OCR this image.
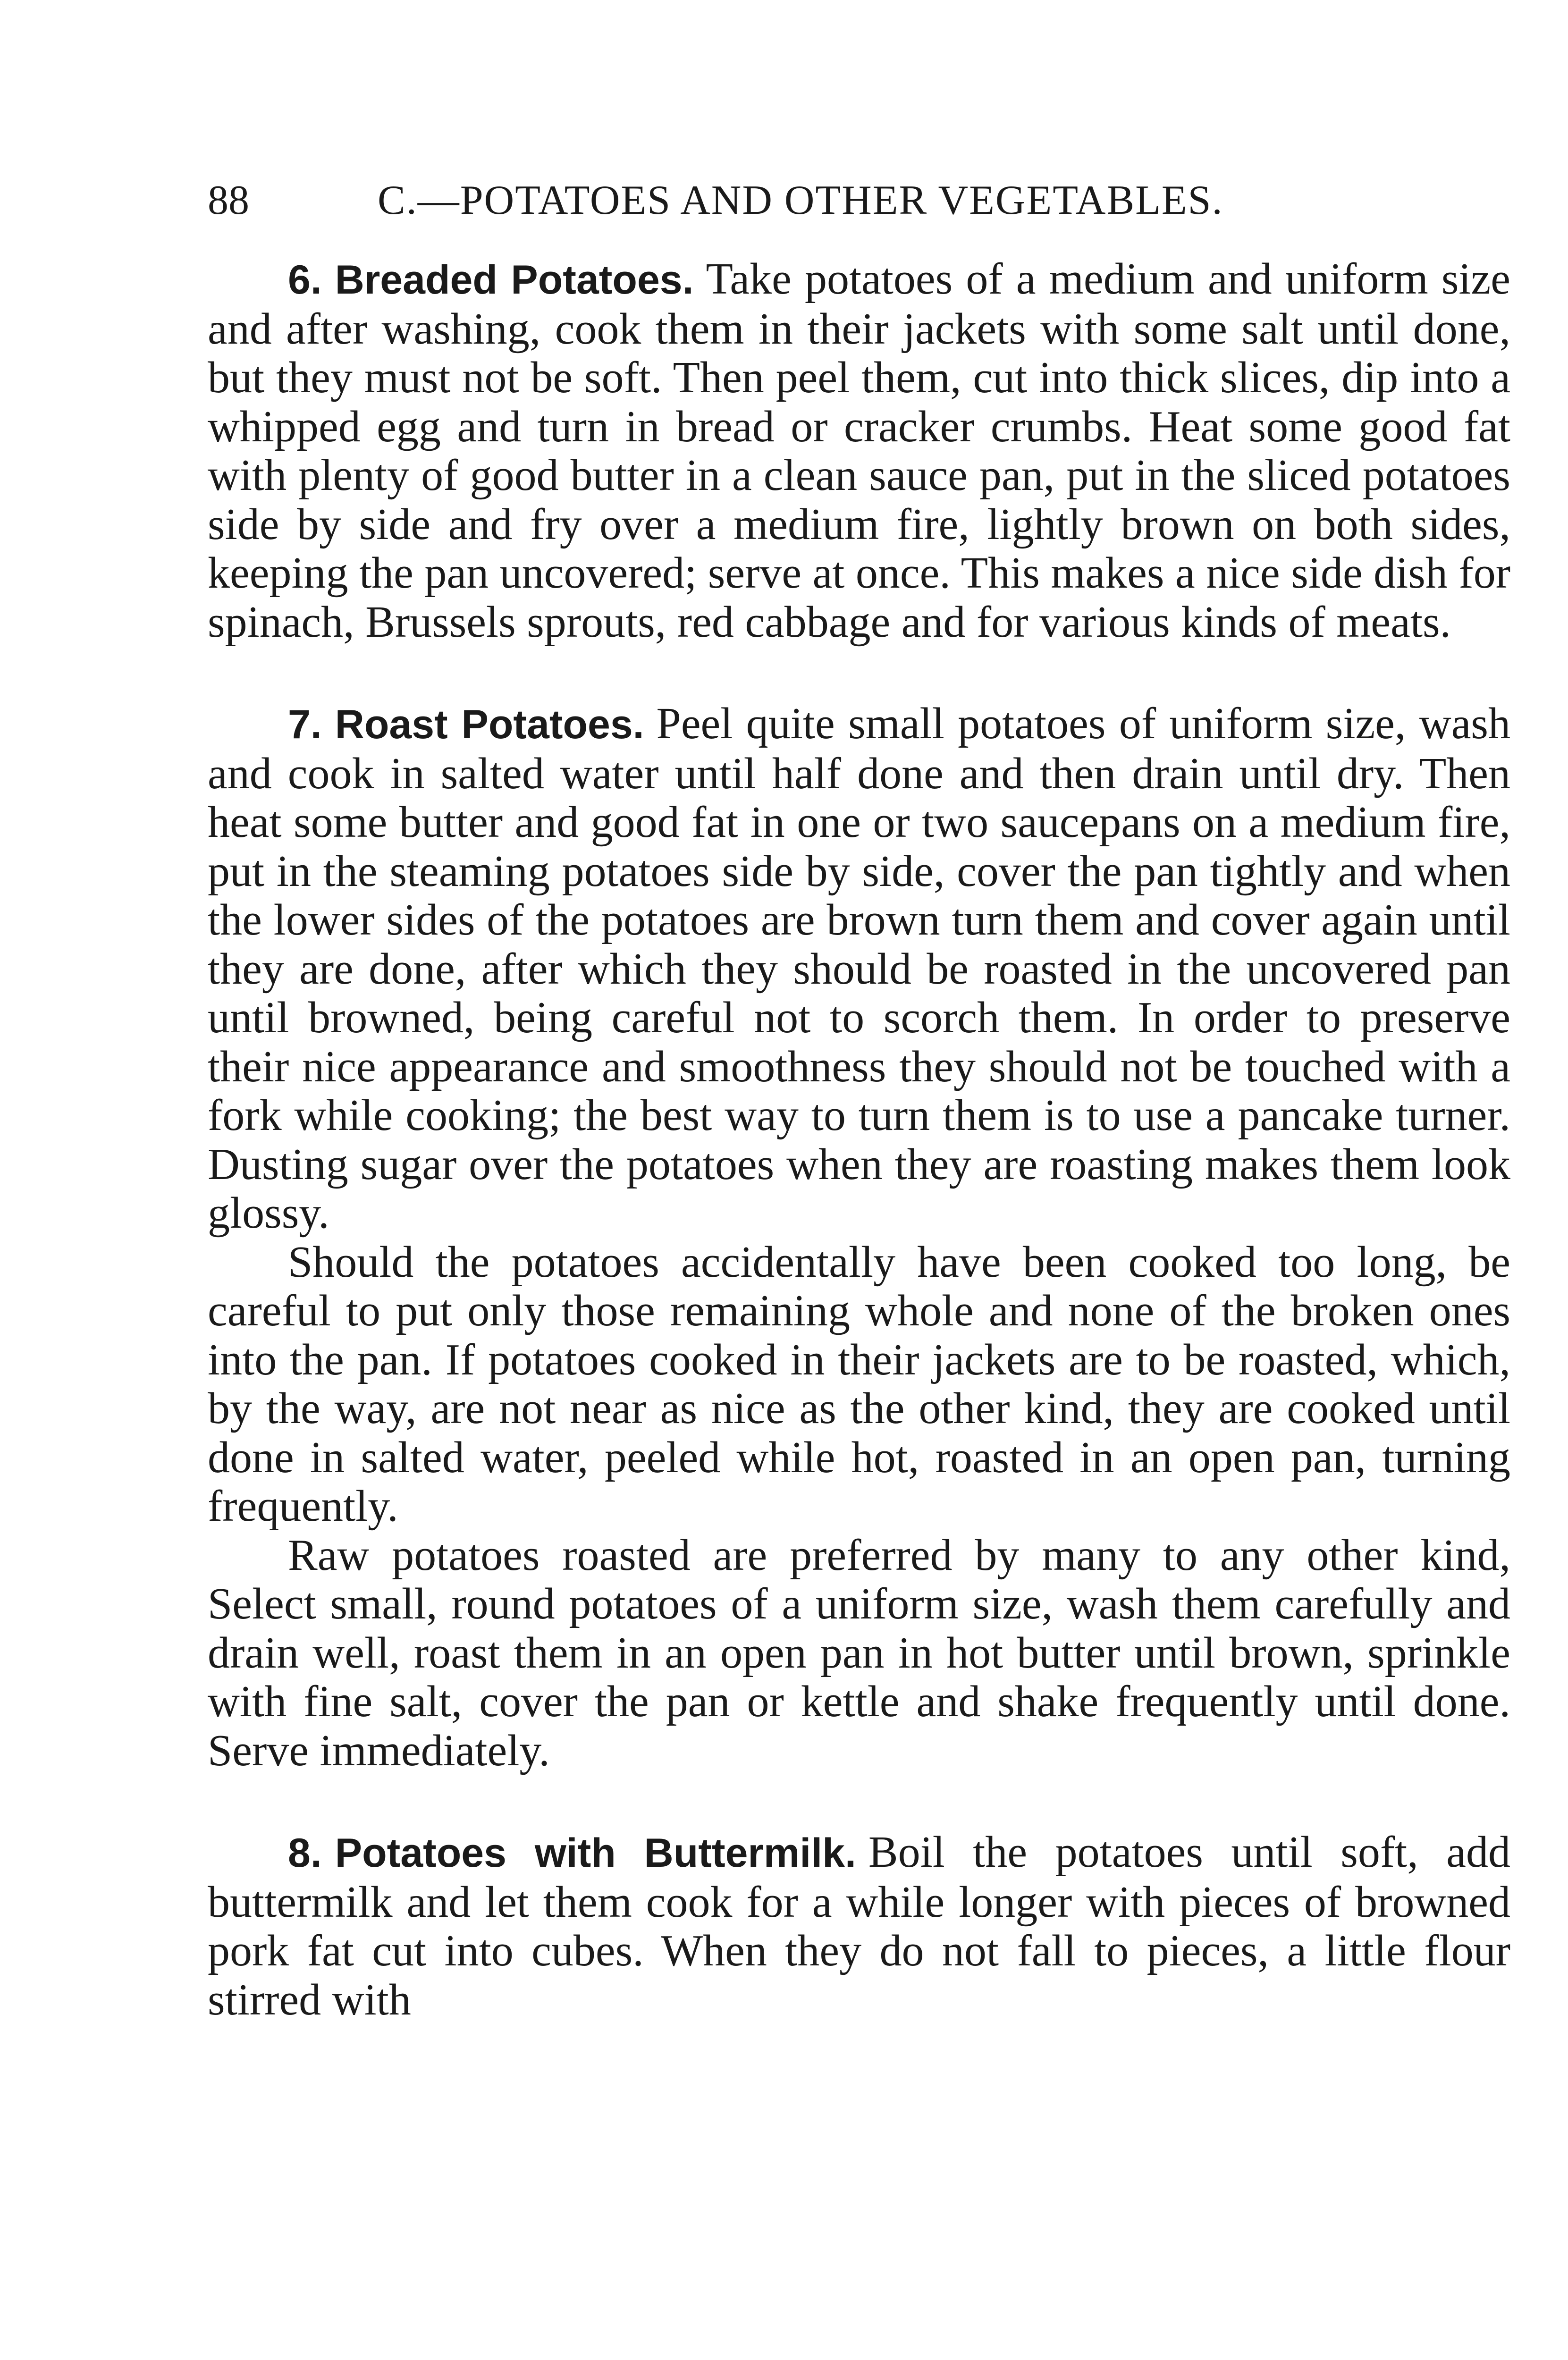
88	C.—POTATOES AND OTHER VEGETABLES.

6. Breaded Potatoes. Take potatoes of a medium and uniform size and after washing, cook them in their jackets with some salt until done, but they must not be soft. Then peel them, cut into thick slices, dip into a whipped egg and turn in bread or cracker crumbs. Heat some good fat with plenty of good butter in a clean sauce pan, put in the sliced potatoes side by side and fry over a medium fire, lightly brown on both sides, keeping the pan uncovered; serve at once. This makes a nice side dish for spinach, Brussels sprouts, red cabbage and for various kinds of meats.

7. Roast Potatoes. Peel quite small potatoes of uniform size, wash and cook in salted water until half done and then drain until dry. Then heat some butter and good fat in one or two saucepans on a medium fire, put in the steaming potatoes side by side, cover the pan tightly and when the lower sides of the potatoes are brown turn them and cover again until they are done, after which they should be roasted in the uncovered pan until browned, being careful not to scorch them. In order to preserve their nice appearance and smoothness they should not be touched with a fork while cooking; the best way to turn them is to use a pancake turner. Dusting sugar over the potatoes when they are roasting makes them look glossy.

Should the potatoes accidentally have been cooked too long, be careful to put only those remaining whole and none of the broken ones into the pan. If potatoes cooked in their jackets are to be roasted, which, by the way, are not near as nice as the other kind, they are cooked until done in salted water, peeled while hot, roasted in an open pan, turning frequently.

Raw potatoes roasted are preferred by many to any other kind, Select small, round potatoes of a uniform size, wash them carefully and drain well, roast them in an open pan in hot butter until brown, sprinkle with fine salt, cover the pan or kettle and shake frequently until done. Serve immediately.

8. Potatoes with Buttermilk. Boil the potatoes until soft, add buttermilk and let them cook for a while longer with pieces of browned pork fat cut into cubes. When they do not fall to pieces, a little flour stirred with
